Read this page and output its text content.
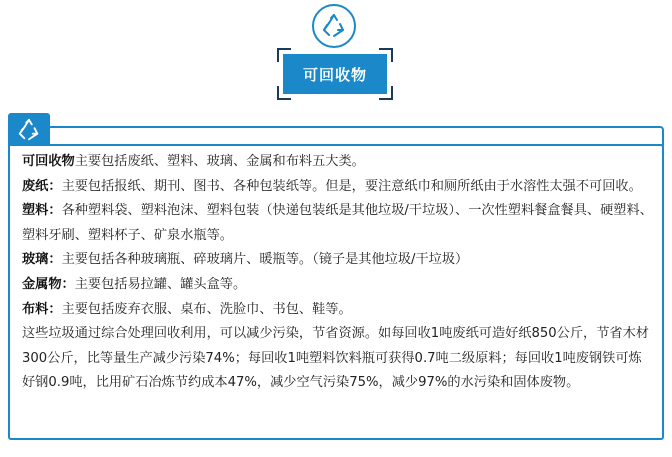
可回收物

可回收物主要包括废纸、塑料、玻璃、金属和布料五大类。

废纸：主要包括报纸、期刊、图书、各种包装纸等。但是，要注意纸巾和厕所纸由于水溶性太强不可回收。

塑料：各种塑料袋、塑料泡沫、塑料包装（快递包装纸是其他垃圾/干垃圾）、一次性塑料餐盒餐具、硬塑料、塑料牙刷、塑料杯子、矿泉水瓶等。

玻璃：主要包括各种玻璃瓶、碎玻璃片、暖瓶等。（镜子是其他垃圾/干垃圾）

金属物：主要包括易拉罐、罐头盒等。

布料：主要包括废弃衣服、桌布、洗脸巾、书包、鞋等。

这些垃圾通过综合处理回收利用，可以减少污染，节省资源。如每回收1吨废纸可造好纸850公斤，节省木材300公斤，比等量生产减少污染74%；每回收1吨塑料饮料瓶可获得0.7吨二级原料；每回收1吨废钢铁可炼好钢0.9吨，比用矿石冶炼节约成本47%，减少空气污染75%，减少97%的水污染和固体废物。
